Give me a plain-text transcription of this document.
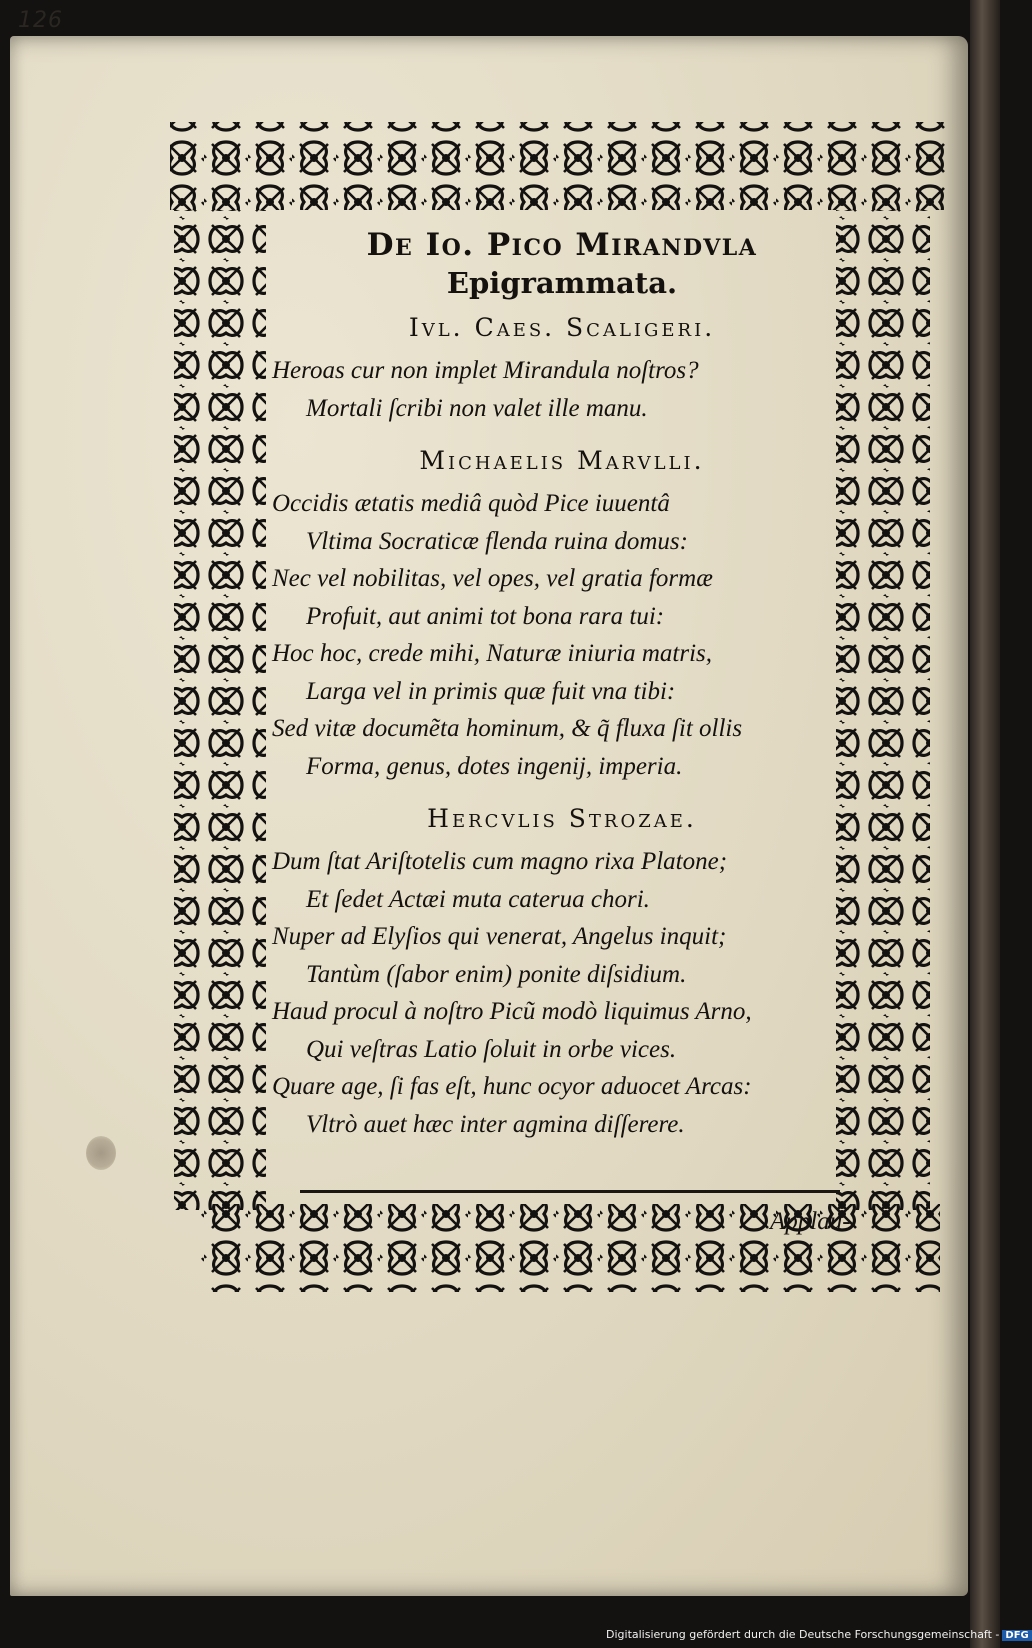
126
De Io. Pico Mirandvla
Epigrammata.
Ivl. Caes. Scaligeri.

Heroas cur non implet Mirandula noſtros?

Mortali ſcribi non valet ille manu.

Michaelis Marvlli.

Occidis ætatis mediâ quòd Pice iuuentâ

Vltima Socraticæ flenda ruina domus:

Nec vel nobilitas, vel opes, vel gratia formæ

Profuit, aut animi tot bona rara tui:

Hoc hoc, crede mihi, Naturæ iniuria matris,

Larga vel in primis quæ fuit vna tibi:

Sed vitæ documẽta hominum, & q̃ fluxa ſit ollis

Forma, genus, dotes ingenij, imperia.

Hercvlis Strozae.

Dum ſtat Ariſtotelis cum magno rixa Platone;

Et ſedet Actæi muta caterua chori.

Nuper ad Elyſios qui venerat, Angelus inquit;

Tantùm (ſabor enim) ponite diſsidium.

Haud procul à noſtro Picũ modò liquimus Arno,

Qui veſtras Latio ſoluit in orbe vices.

Quare age, ſi fas eſt, hunc ocyor aduocet Arcas:

Vltrò auet hæc inter agmina diſſerere.

Applau-
Digitalisierung gefördert durch die Deutsche Forschungsgemeinschaft - DFG
